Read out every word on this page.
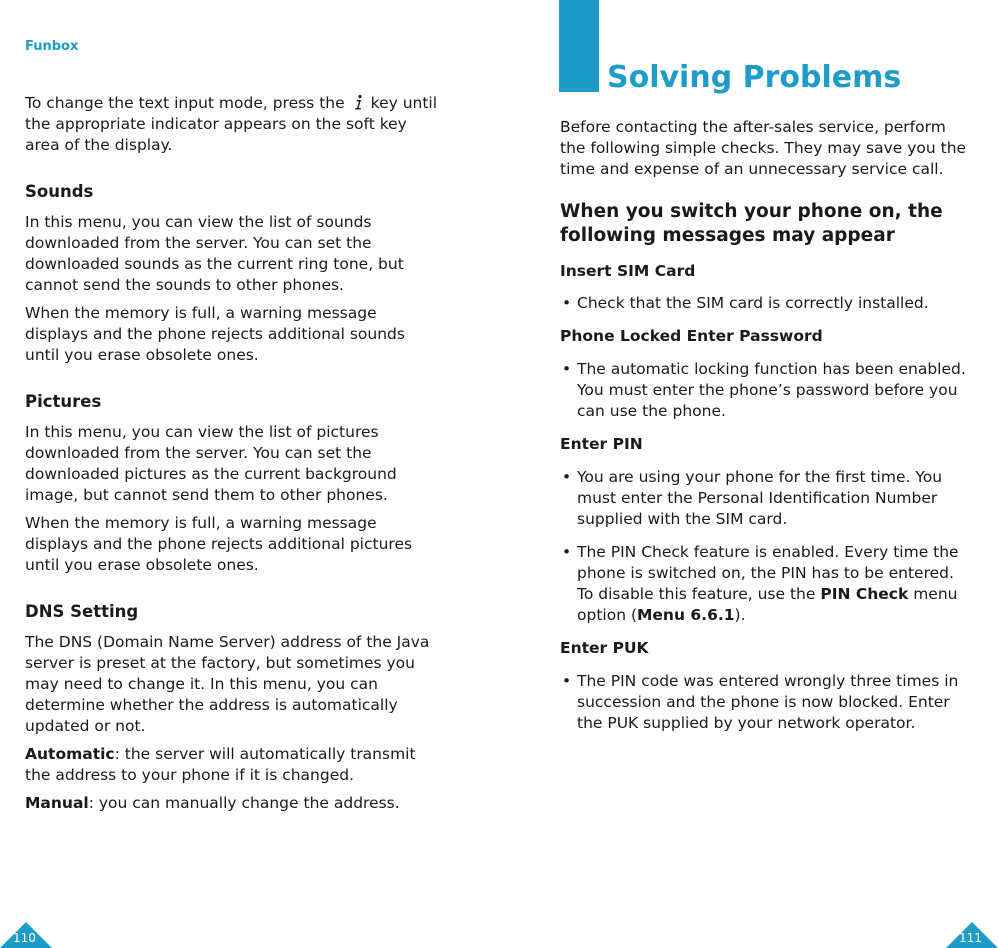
Funbox

To change the text input mode, press the key until the appropriate indicator appears on the soft key area of the display.

Sounds

In this menu, you can view the list of sounds downloaded from the server. You can set the downloaded sounds as the current ring tone, but cannot send the sounds to other phones.

When the memory is full, a warning message displays and the phone rejects additional sounds until you erase obsolete ones.

Pictures

In this menu, you can view the list of pictures downloaded from the server. You can set the downloaded pictures as the current background image, but cannot send them to other phones.

When the memory is full, a warning message displays and the phone rejects additional pictures until you erase obsolete ones.

DNS Setting

The DNS (Domain Name Server) address of the Java server is preset at the factory, but sometimes you may need to change it. In this menu, you can determine whether the address is automatically updated or not.

Automatic: the server will automatically transmit the address to your phone if it is changed.

Manual: you can manually change the address.

110
Solving Problems

Before contacting the after-sales service, perform the following simple checks. They may save you the time and expense of an unnecessary service call.

When you switch your phone on, the following messages may appear
Insert SIM Card
• Check that the SIM card is correctly installed.
Phone Locked Enter Password
• The automatic locking function has been enabled. You must enter the phone’s password before you can use the phone.
Enter PIN
• You are using your phone for the first time. You must enter the Personal Identification Number supplied with the SIM card.
• The PIN Check feature is enabled. Every time the phone is switched on, the PIN has to be entered. To disable this feature, use the PIN Check menu option (Menu 6.6.1).
Enter PUK
• The PIN code was entered wrongly three times in succession and the phone is now blocked. Enter the PUK supplied by your network operator.
111
